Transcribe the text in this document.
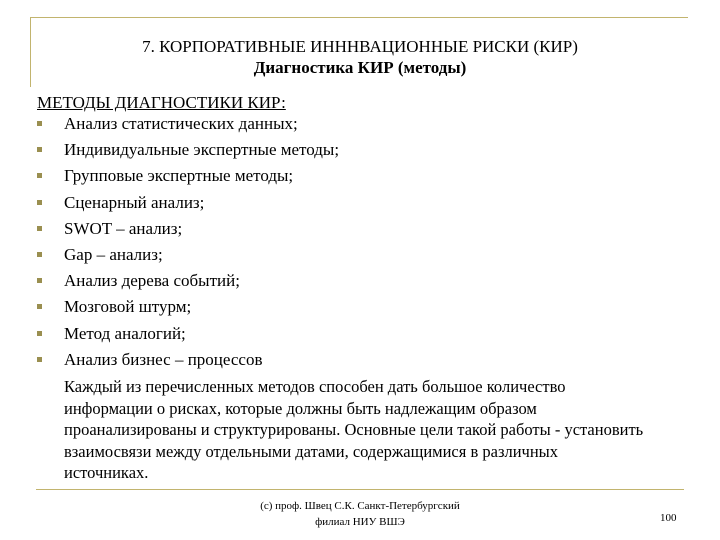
7. КОРПОРАТИВНЫЕ ИНННВАЦИОННЫЕ РИСКИ (КИР)
Диагностика КИР (методы)
МЕТОДЫ ДИАГНОСТИКИ КИР:
Анализ статистических данных;
Индивидуальные экспертные методы;
Групповые экспертные методы;
Сценарный анализ;
SWOT – анализ;
Gap – анализ;
Анализ дерева событий;
Мозговой штурм;
Метод аналогий;
Анализ бизнес – процессов

Каждый из перечисленных методов способен дать большое количество информации о рисках, которые должны быть надлежащим образом проанализированы и структурированы. Основные цели такой работы - установить взаимосвязи между отдельными датами, содержащимися в различных источниках.

(c) проф. Швец С.К. Санкт-Петербургский
филиал НИУ ВШЭ	100
